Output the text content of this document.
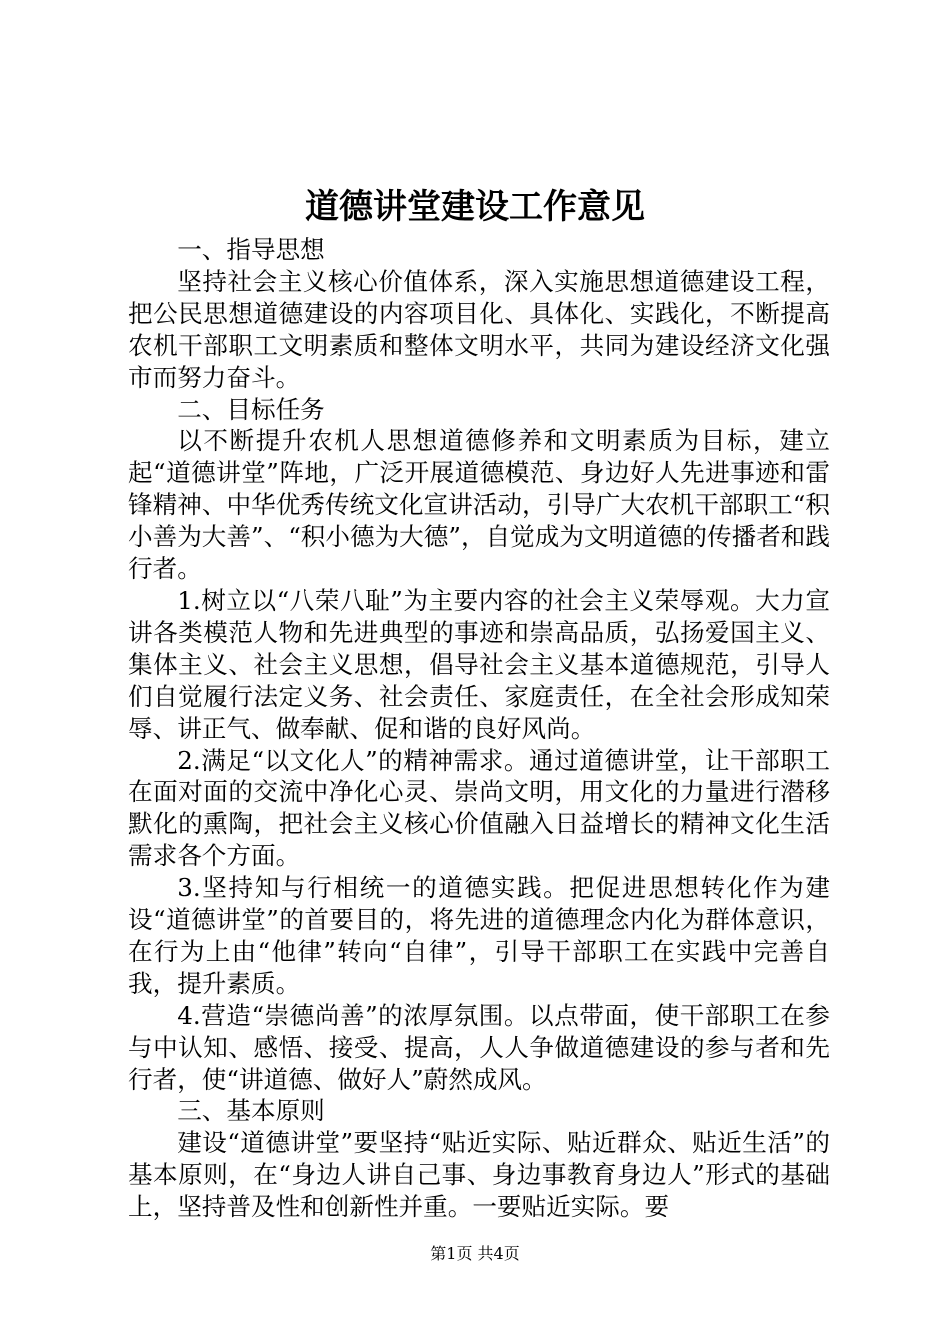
道德讲堂建设工作意见

一、指导思想

坚持社会主义核心价值体系，深入实施思想道德建设工程，把公民思想道德建设的内容项目化、具体化、实践化，不断提高农机干部职工文明素质和整体文明水平，共同为建设经济文化强市而努力奋斗。

二、目标任务

以不断提升农机人思想道德修养和文明素质为目标，建立起“道德讲堂”阵地，广泛开展道德模范、身边好人先进事迹和雷锋精神、中华优秀传统文化宣讲活动，引导广大农机干部职工“积小善为大善”、“积小德为大德”，自觉成为文明道德的传播者和践行者。

1.树立以“八荣八耻”为主要内容的社会主义荣辱观。大力宣讲各类模范人物和先进典型的事迹和崇高品质，弘扬爱国主义、集体主义、社会主义思想，倡导社会主义基本道德规范，引导人们自觉履行法定义务、社会责任、家庭责任，在全社会形成知荣辱、讲正气、做奉献、促和谐的良好风尚。

2.满足“以文化人”的精神需求。通过道德讲堂，让干部职工在面对面的交流中净化心灵、崇尚文明，用文化的力量进行潜移默化的熏陶，把社会主义核心价值融入日益增长的精神文化生活需求各个方面。

3.坚持知与行相统一的道德实践。把促进思想转化作为建设“道德讲堂”的首要目的，将先进的道德理念内化为群体意识，在行为上由“他律”转向“自律”，引导干部职工在实践中完善自我，提升素质。

4.营造“崇德尚善”的浓厚氛围。以点带面，使干部职工在参与中认知、感悟、接受、提高，人人争做道德建设的参与者和先行者，使“讲道德、做好人”蔚然成风。

三、基本原则

建设“道德讲堂”要坚持“贴近实际、贴近群众、贴近生活”的基本原则，在“身边人讲自己事、身边事教育身边人”形式的基础上，坚持普及性和创新性并重。一要贴近实际。要

第1页 共4页
